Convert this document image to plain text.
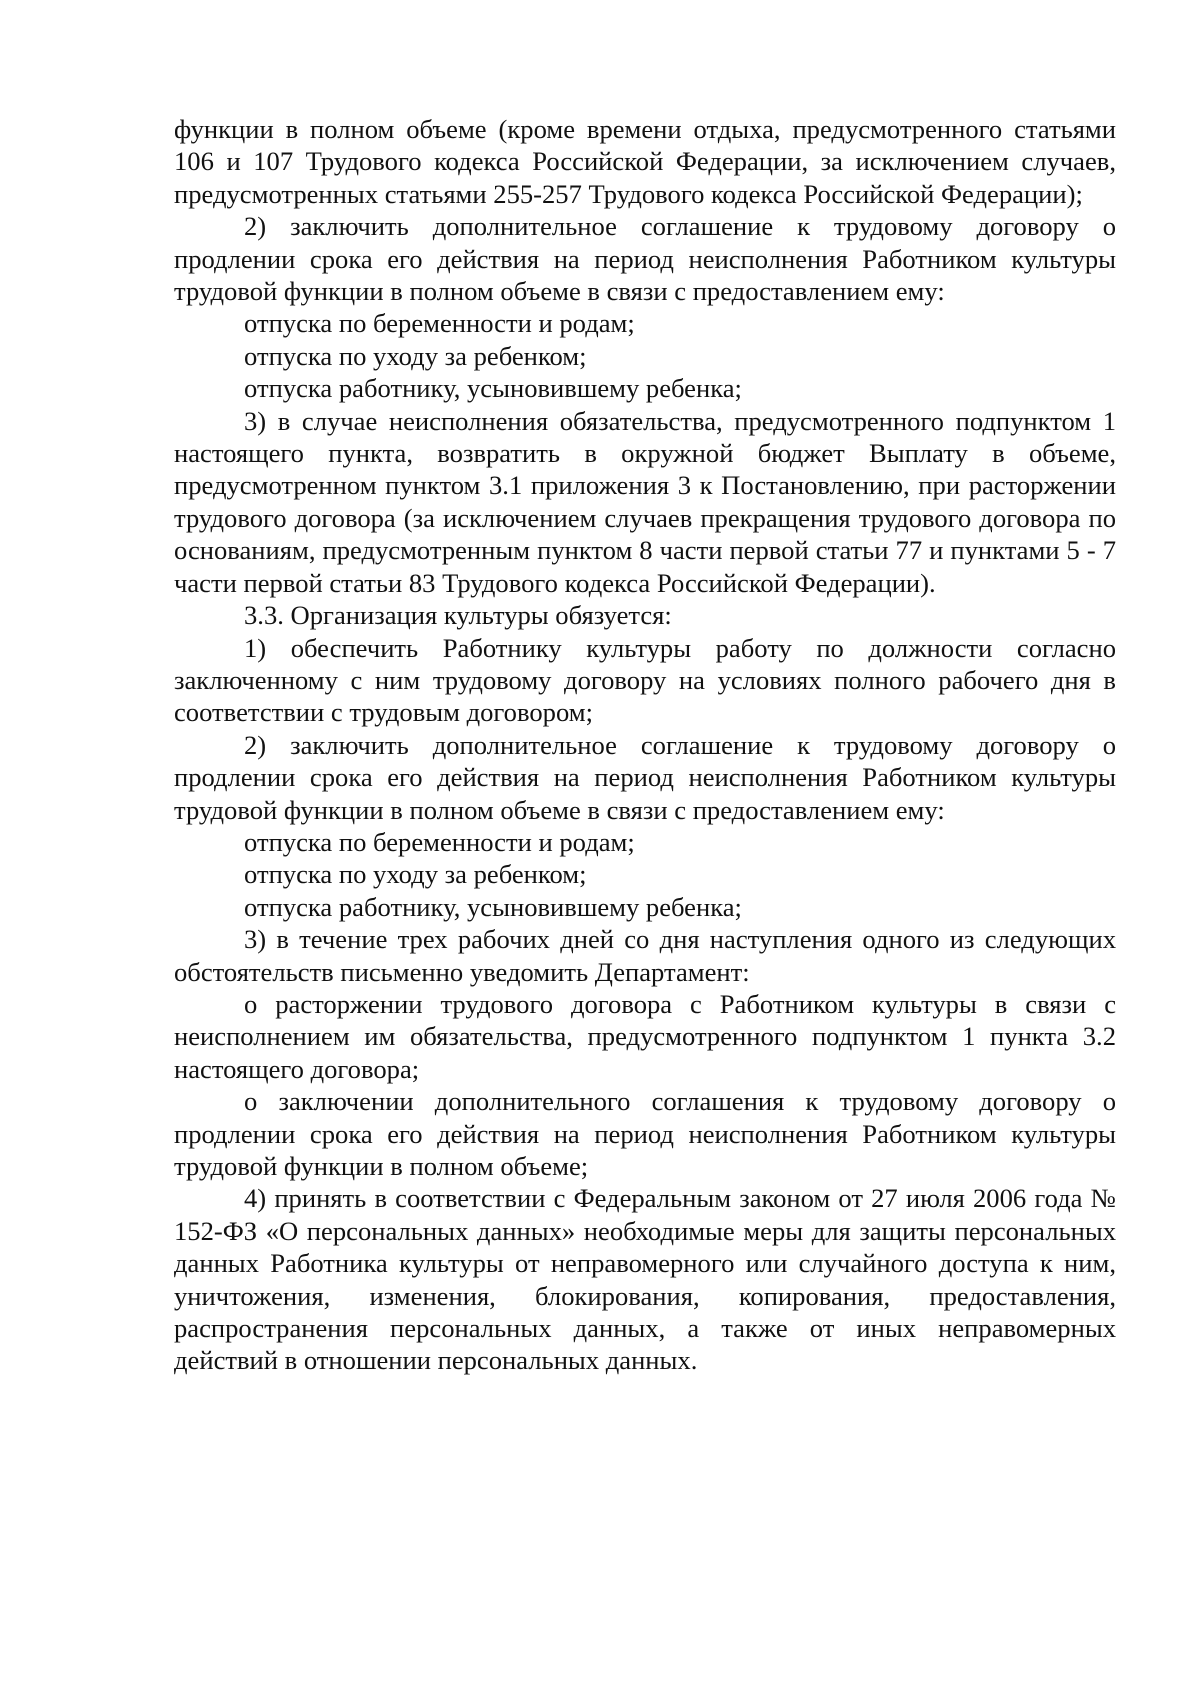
функции в полном объеме (кроме времени отдыха, предусмотренного статьями 106 и 107 Трудового кодекса Российской Федерации, за исключением случаев, предусмотренных статьями 255-257 Трудового кодекса Российской Федерации);

2) заключить дополнительное соглашение к трудовому договору о продлении срока его действия на период неисполнения Работником культуры трудовой функции в полном объеме в связи с предоставлением ему:

отпуска по беременности и родам;

отпуска по уходу за ребенком;

отпуска работнику, усыновившему ребенка;

3) в случае неисполнения обязательства, предусмотренного подпунктом 1 настоящего пункта, возвратить в окружной бюджет Выплату в объеме, предусмотренном пунктом 3.1 приложения 3 к Постановлению, при расторжении трудового договора (за исключением случаев прекращения трудового договора по основаниям, предусмотренным пунктом 8 части первой статьи 77 и пунктами 5 - 7 части первой статьи 83 Трудового кодекса Российской Федерации).

3.3. Организация культуры обязуется:

1) обеспечить Работнику культуры работу по должности согласно заключенному с ним трудовому договору на условиях полного рабочего дня в соответствии с трудовым договором;

2) заключить дополнительное соглашение к трудовому договору о продлении срока его действия на период неисполнения Работником культуры трудовой функции в полном объеме в связи с предоставлением ему:

отпуска по беременности и родам;

отпуска по уходу за ребенком;

отпуска работнику, усыновившему ребенка;

3) в течение трех рабочих дней со дня наступления одного из следующих обстоятельств письменно уведомить Департамент:

о расторжении трудового договора с Работником культуры в связи с неисполнением им обязательства, предусмотренного подпунктом 1 пункта 3.2 настоящего договора;

о заключении дополнительного соглашения к трудовому договору о продлении срока его действия на период неисполнения Работником культуры трудовой функции в полном объеме;

4) принять в соответствии с Федеральным законом от 27 июля 2006 года № 152-ФЗ «О персональных данных» необходимые меры для защиты персональных данных Работника культуры от неправомерного или случайного доступа к ним, уничтожения, изменения, блокирования, копирования, предоставления, распространения персональных данных, а также от иных неправомерных действий в отношении персональных данных.
